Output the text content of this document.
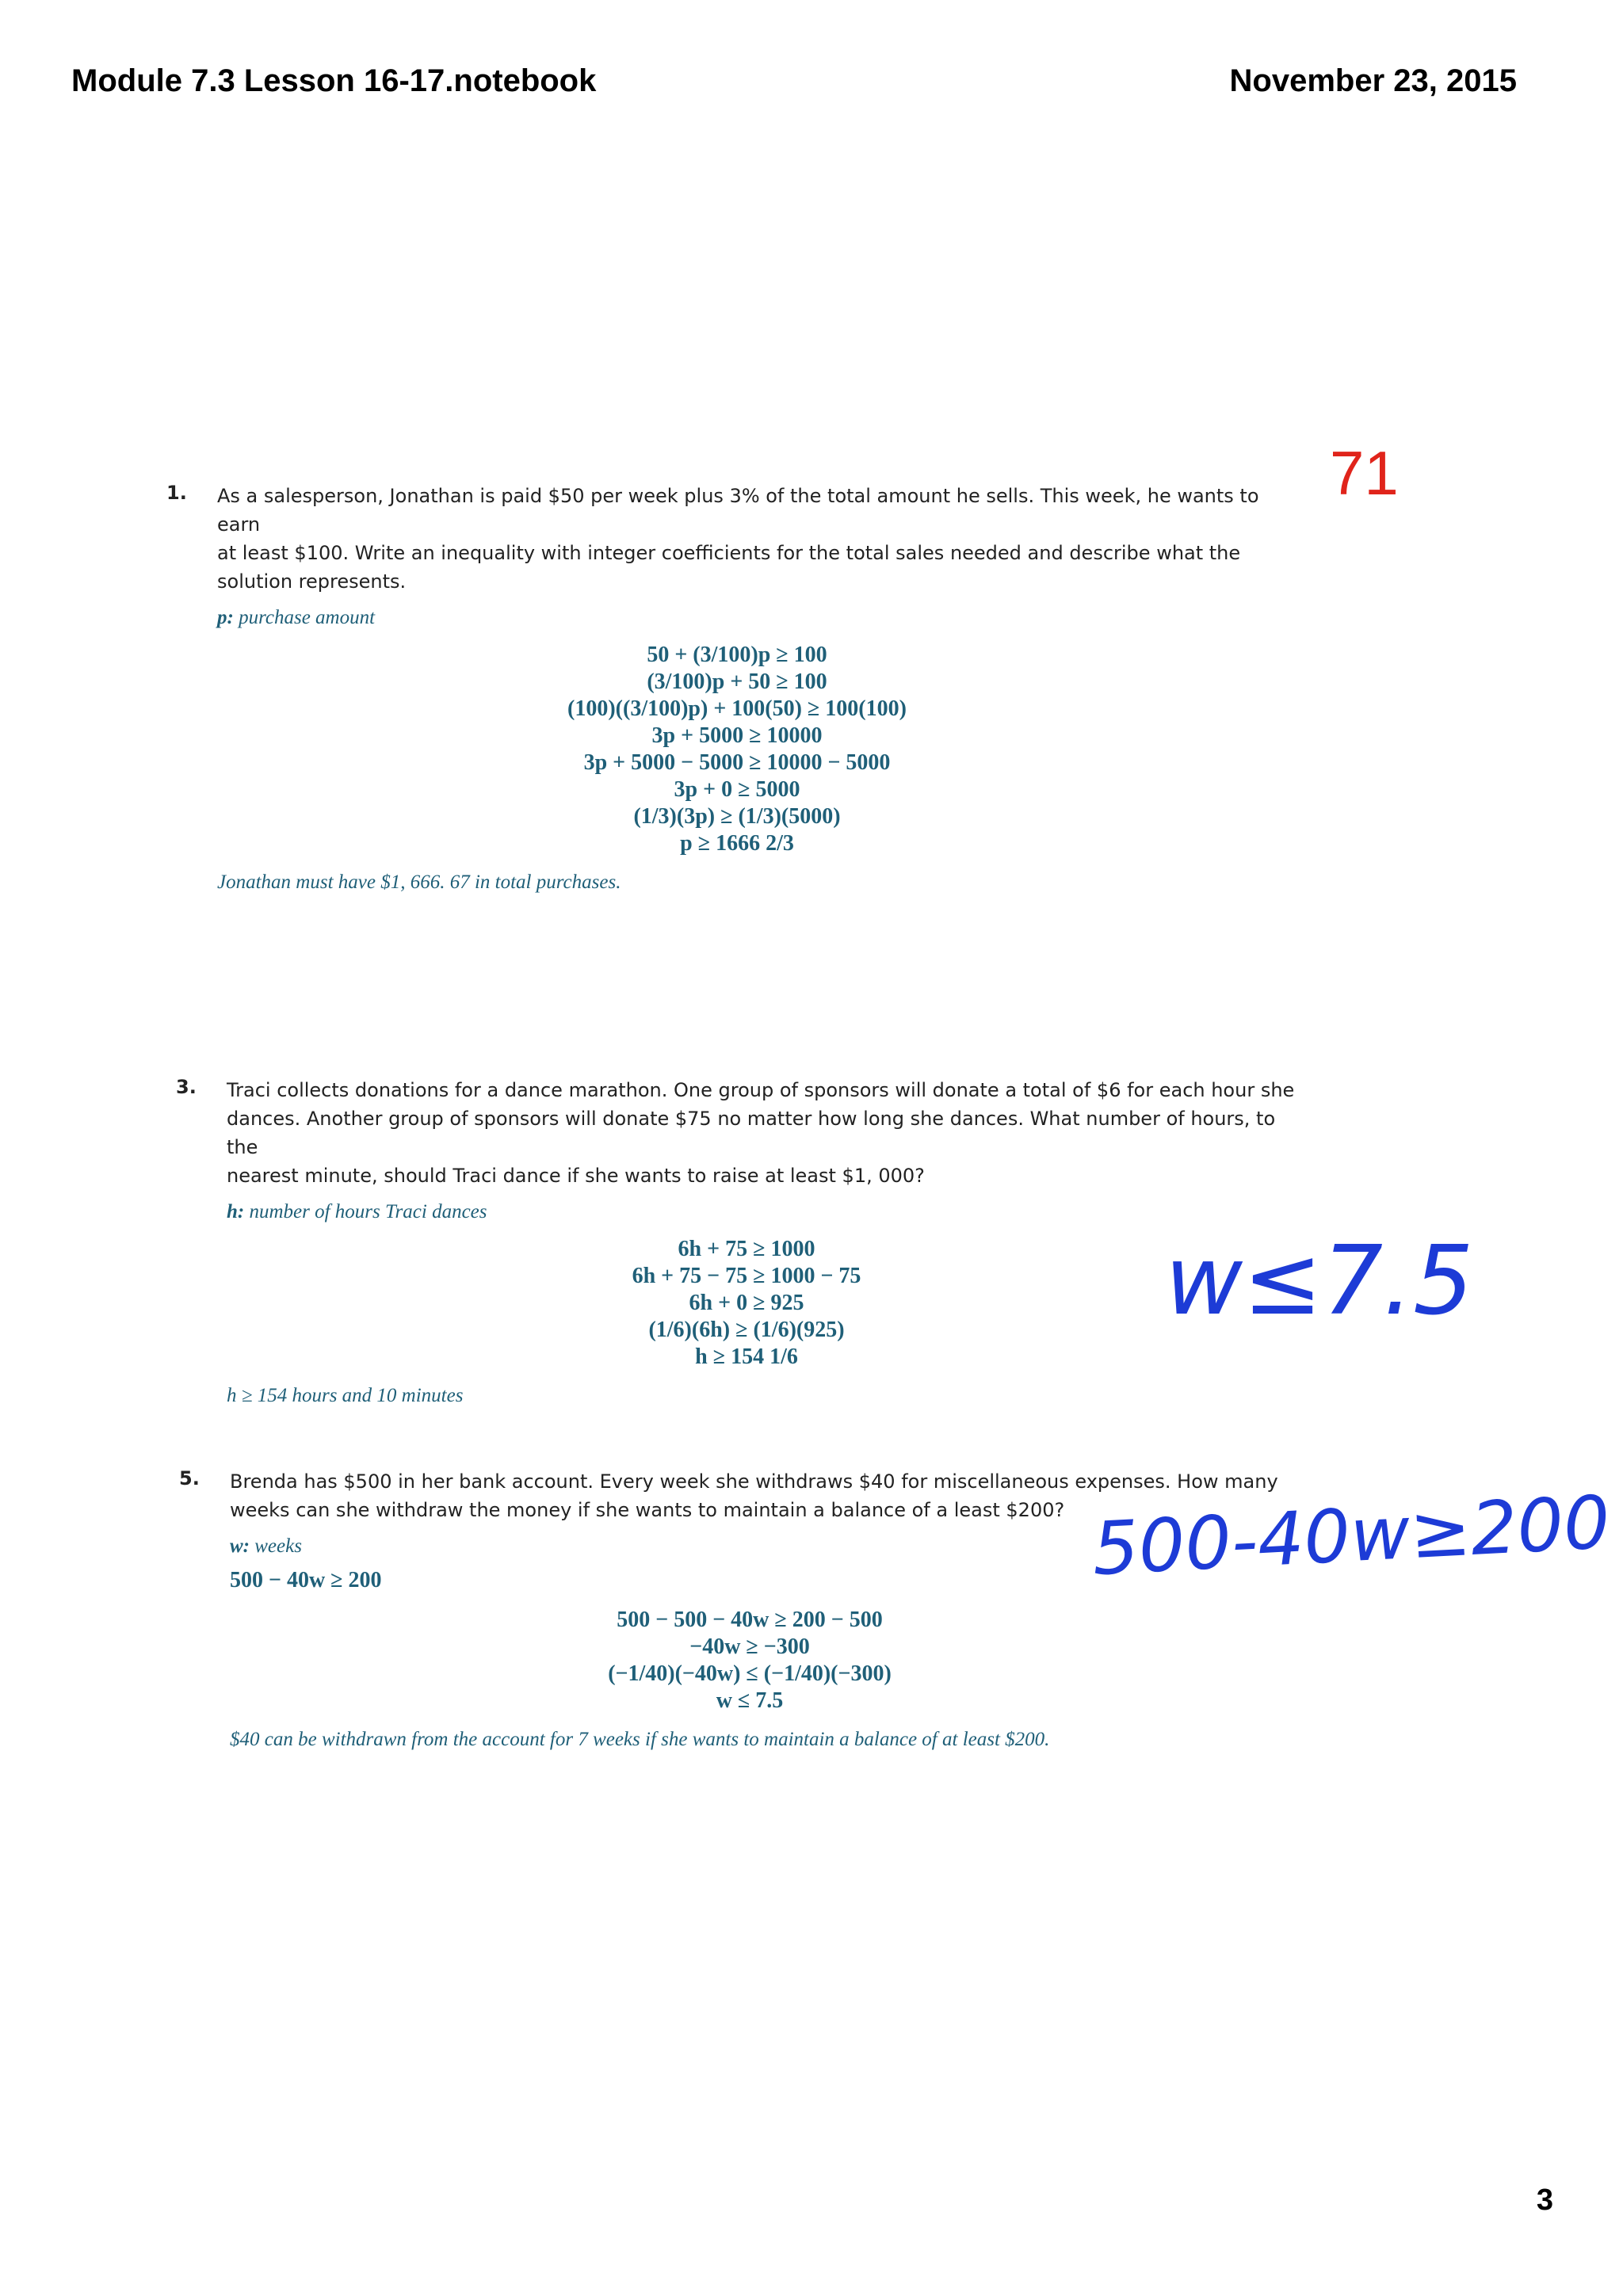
Module 7.3 Lesson 16-17.notebook	November 23, 2015
71
w≤7.5
500-40w≥200
1. As a salesperson, Jonathan is paid $50 per week plus 3% of the total amount he sells. This week, he wants to earn

at least $100. Write an inequality with integer coefficients for the total sales needed and describe what the

solution represents.

p: purchase amount
50 + (3/100)p ≥ 100
(3/100)p + 50 ≥ 100
(100)((3/100)p) + 100(50) ≥ 100(100)
3p + 5000 ≥ 10000
3p + 5000 − 5000 ≥ 10000 − 5000
3p + 0 ≥ 5000
(1/3)(3p) ≥ (1/3)(5000)
p ≥ 1666 2/3
Jonathan must have $1, 666. 67 in total purchases.
3. Traci collects donations for a dance marathon. One group of sponsors will donate a total of $6 for each hour she

dances. Another group of sponsors will donate $75 no matter how long she dances. What number of hours, to the

nearest minute, should Traci dance if she wants to raise at least $1, 000?

h: number of hours Traci dances
6h + 75 ≥ 1000
6h + 75 − 75 ≥ 1000 − 75
6h + 0 ≥ 925
(1/6)(6h) ≥ (1/6)(925)
h ≥ 154 1/6
h ≥ 154 hours and 10 minutes
5. Brenda has $500 in her bank account. Every week she withdraws $40 for miscellaneous expenses. How many

weeks can she withdraw the money if she wants to maintain a balance of a least $200?

w: weeks
500 − 40w ≥ 200
500 − 500 − 40w ≥ 200 − 500
−40w ≥ −300
(−1/40)(−40w) ≤ (−1/40)(−300)
w ≤ 7.5
$40 can be withdrawn from the account for 7 weeks if she wants to maintain a balance of at least $200.
3
